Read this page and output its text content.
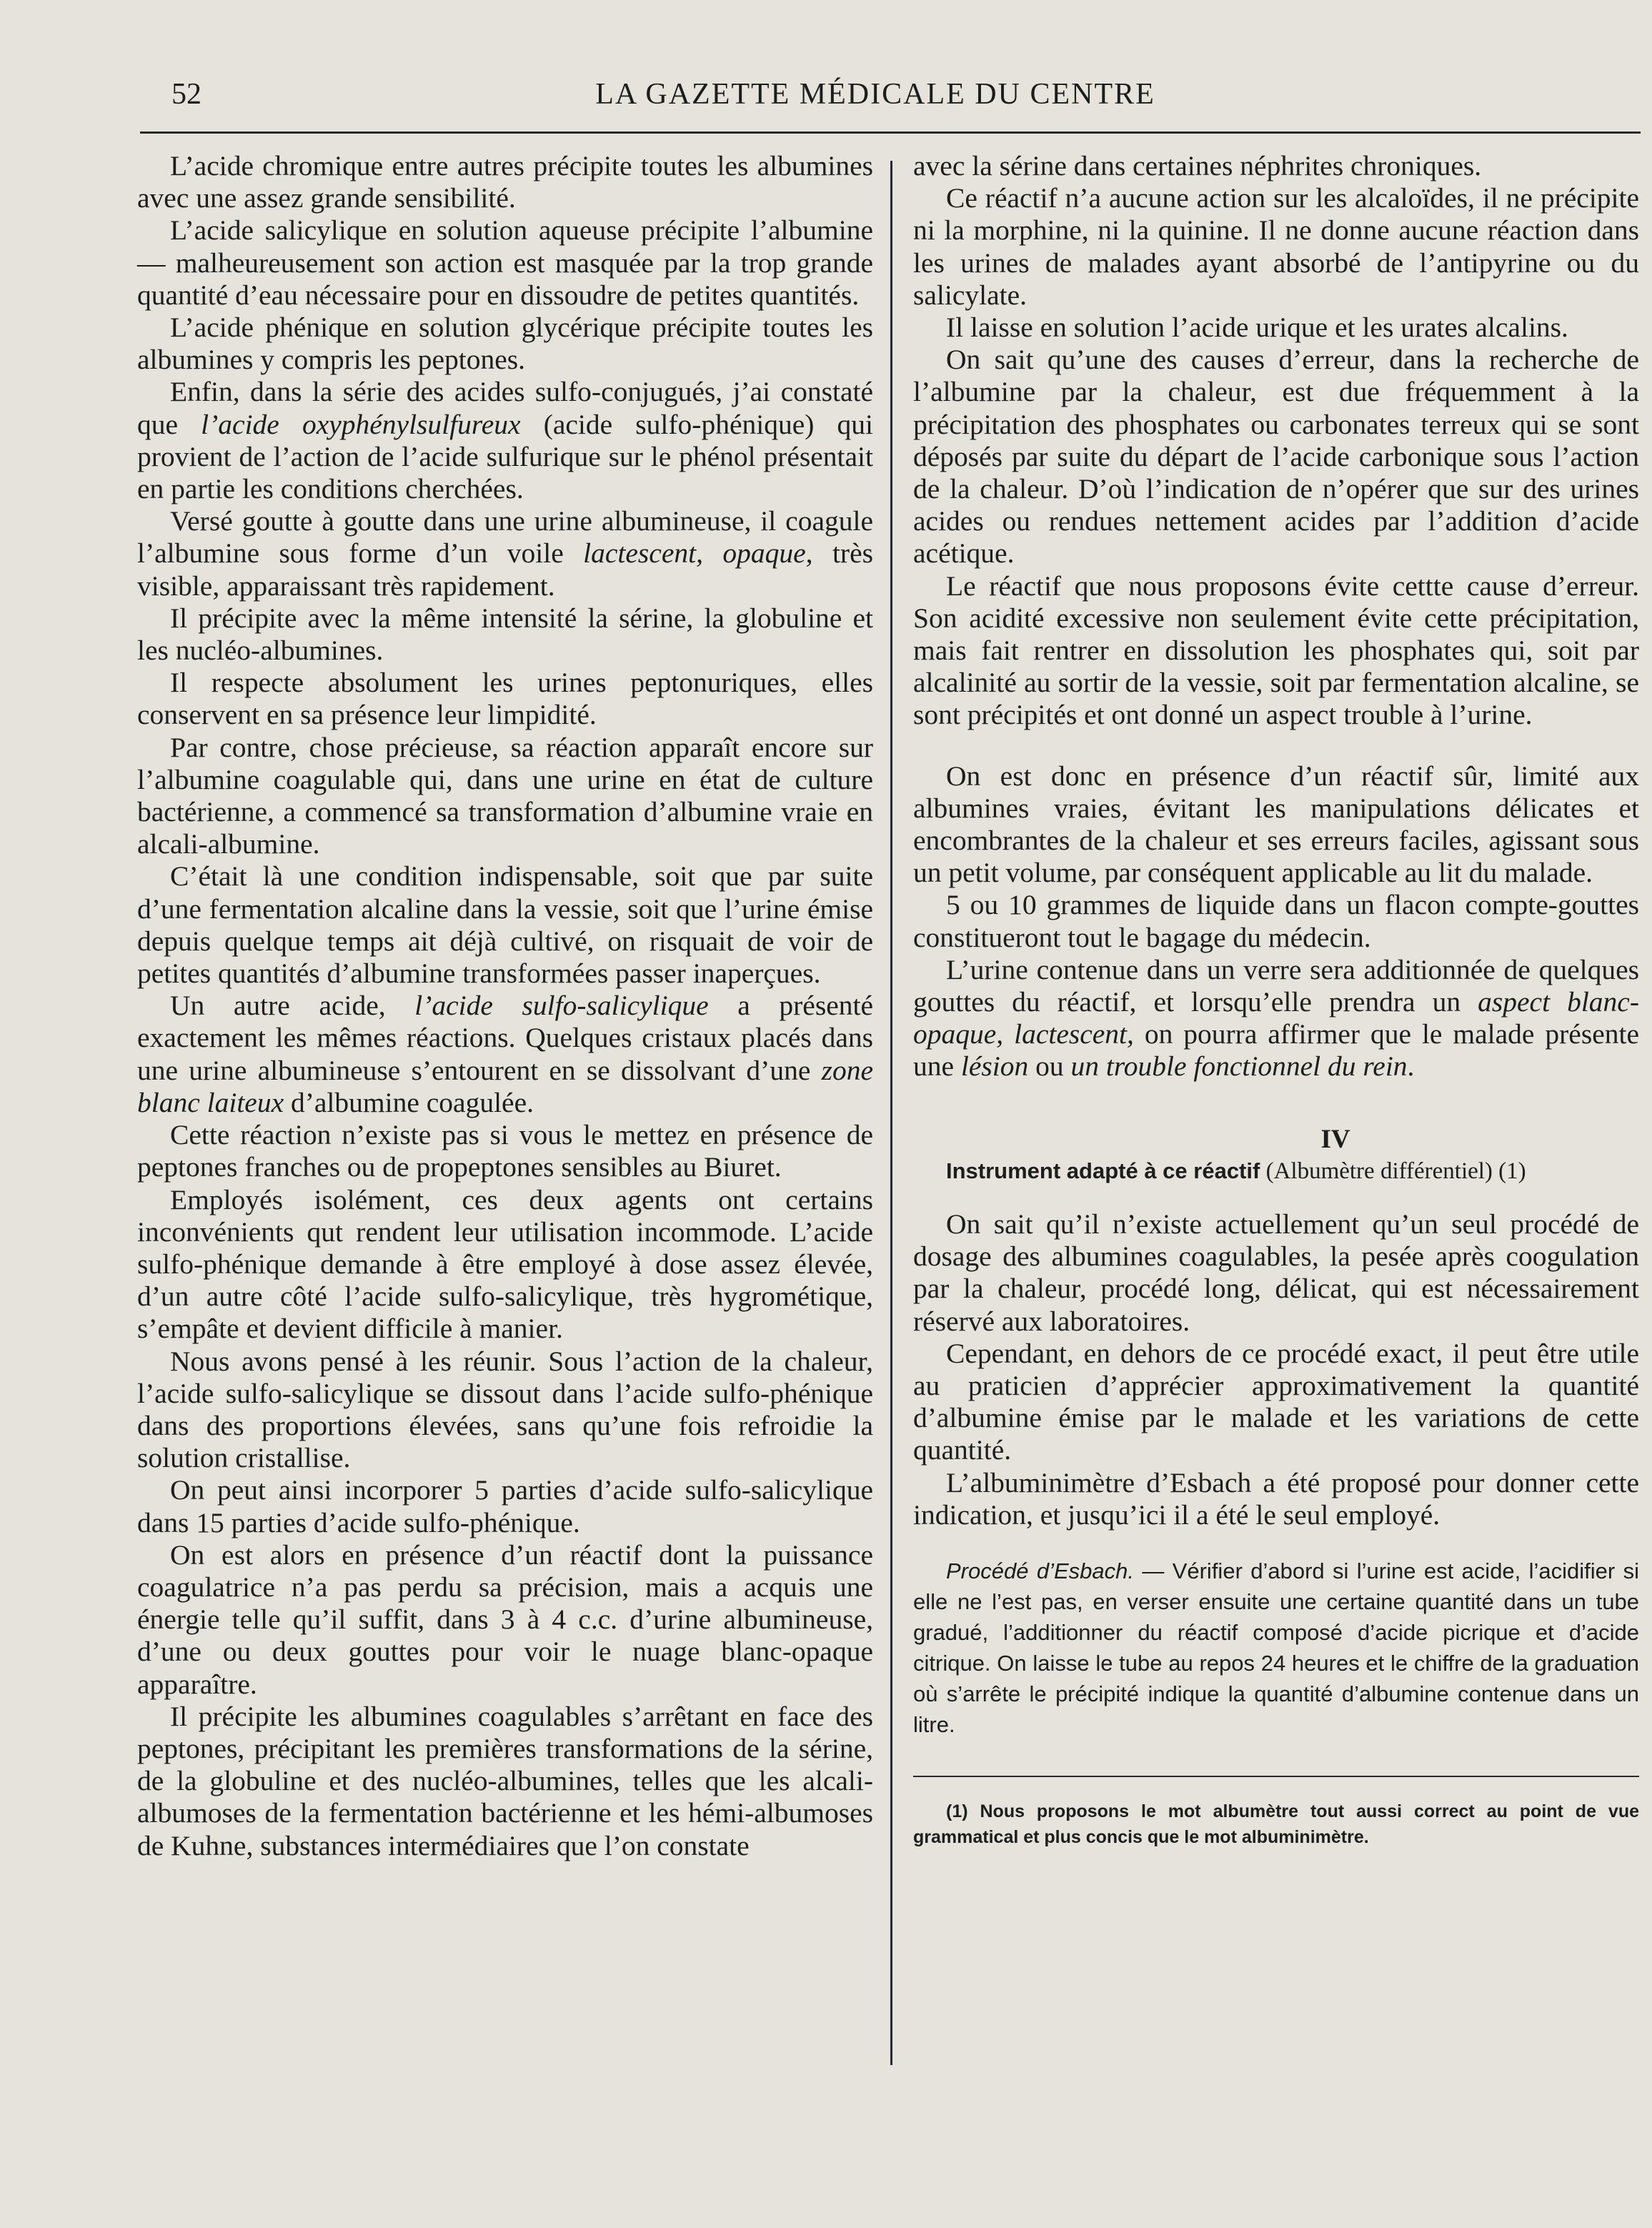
52	LA GAZETTE MÉDICALE DU CENTRE

L’acide chromique entre autres précipite toutes les albumines avec une assez grande sensibilité.

L’acide salicylique en solution aqueuse précipite l’albumine — malheureusement son action est masquée par la trop grande quantité d’eau nécessaire pour en dissoudre de petites quantités.

L’acide phénique en solution glycérique précipite toutes les albumines y compris les peptones.

Enfin, dans la série des acides sulfo-conjugués, j’ai constaté que l’acide oxyphénylsulfureux (acide sulfo-phénique) qui provient de l’action de l’acide sulfurique sur le phénol présentait en partie les conditions cherchées.

Versé goutte à goutte dans une urine albumineuse, il coagule l’albumine sous forme d’un voile lactescent, opaque, très visible, apparaissant très rapidement.

Il précipite avec la même intensité la sérine, la globuline et les nucléo-albumines.

Il respecte absolument les urines peptonuriques, elles conservent en sa présence leur limpidité.

Par contre, chose précieuse, sa réaction apparaît encore sur l’albumine coagulable qui, dans une urine en état de culture bactérienne, a commencé sa transformation d’albumine vraie en alcali-albumine.

C’était là une condition indispensable, soit que par suite d’une fermentation alcaline dans la vessie, soit que l’urine émise depuis quelque temps ait déjà cultivé, on risquait de voir de petites quantités d’albumine transformées passer inaperçues.

Un autre acide, l’acide sulfo-salicylique a présenté exactement les mêmes réactions. Quelques cristaux placés dans une urine albumineuse s’entourent en se dissolvant d’une zone blanc laiteux d’albumine coagulée.

Cette réaction n’existe pas si vous le mettez en présence de peptones franches ou de propeptones sensibles au Biuret.

Employés isolément, ces deux agents ont certains inconvénients qut rendent leur utilisation incommode. L’acide sulfo-phénique demande à être employé à dose assez élevée, d’un autre côté l’acide sulfo-salicylique, très hygrométique, s’empâte et devient difficile à manier.

Nous avons pensé à les réunir. Sous l’action de la chaleur, l’acide sulfo-salicylique se dissout dans l’acide sulfo-phénique dans des proportions élevées, sans qu’une fois refroidie la solution cristallise.

On peut ainsi incorporer 5 parties d’acide sulfo-salicylique dans 15 parties d’acide sulfo-phénique.

On est alors en présence d’un réactif dont la puissance coagulatrice n’a pas perdu sa précision, mais a acquis une énergie telle qu’il suffit, dans 3 à 4 c.c. d’urine albumineuse, d’une ou deux gouttes pour voir le nuage blanc-opaque apparaître.

Il précipite les albumines coagulables s’arrêtant en face des peptones, précipitant les premières transformations de la sérine, de la globuline et des nucléo-albumines, telles que les alcali-albumoses de la fermentation bactérienne et les hémi-albumoses de Kuhne, substances intermédiaires que l’on constate

avec la sérine dans certaines néphrites chroniques.

Ce réactif n’a aucune action sur les alcaloïdes, il ne précipite ni la morphine, ni la quinine. Il ne donne aucune réaction dans les urines de malades ayant absorbé de l’antipyrine ou du salicylate.

Il laisse en solution l’acide urique et les urates alcalins.

On sait qu’une des causes d’erreur, dans la recherche de l’albumine par la chaleur, est due fréquemment à la précipitation des phosphates ou carbonates terreux qui se sont déposés par suite du départ de l’acide carbonique sous l’action de la chaleur. D’où l’indication de n’opérer que sur des urines acides ou rendues nettement acides par l’addition d’acide acétique.

Le réactif que nous proposons évite cettte cause d’erreur. Son acidité excessive non seulement évite cette précipitation, mais fait rentrer en dissolution les phosphates qui, soit par alcalinité au sortir de la vessie, soit par fermentation alcaline, se sont précipités et ont donné un aspect trouble à l’urine.

On est donc en présence d’un réactif sûr, limité aux albumines vraies, évitant les manipulations délicates et encombrantes de la chaleur et ses erreurs faciles, agissant sous un petit volume, par conséquent applicable au lit du malade.

5 ou 10 grammes de liquide dans un flacon compte-gouttes constitueront tout le bagage du médecin.

L’urine contenue dans un verre sera additionnée de quelques gouttes du réactif, et lorsqu’elle prendra un aspect blanc-opaque, lactescent, on pourra affirmer que le malade présente une lésion ou un trouble fonctionnel du rein.

IV

Instrument adapté à ce réactif (Albumètre différentiel) (1)

On sait qu’il n’existe actuellement qu’un seul procédé de dosage des albumines coagulables, la pesée après coogulation par la chaleur, procédé long, délicat, qui est nécessairement réservé aux laboratoires.

Cependant, en dehors de ce procédé exact, il peut être utile au praticien d’apprécier approximativement la quantité d’albumine émise par le malade et les variations de cette quantité.

L’albuminimètre d’Esbach a été proposé pour donner cette indication, et jusqu’ici il a été le seul employé.

Procédé d’Esbach. — Vérifier d’abord si l’urine est acide, l’acidifier si elle ne l’est pas, en verser ensuite une certaine quantité dans un tube gradué, l’additionner du réactif composé d’acide picrique et d’acide citrique. On laisse le tube au repos 24 heures et le chiffre de la graduation où s’arrête le précipité indique la quantité d’albumine contenue dans un litre.

(1) Nous proposons le mot albumètre tout aussi correct au point de vue grammatical et plus concis que le mot albuminimètre.
